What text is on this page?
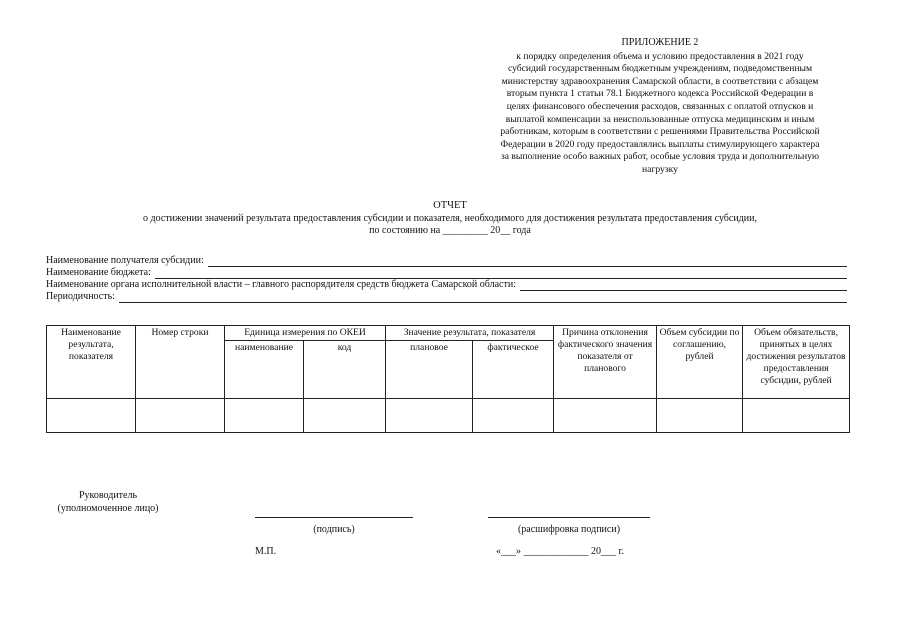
ПРИЛОЖЕНИЕ 2
к порядку определения объема и условию предоставления в 2021 году
субсидий государственным бюджетным учреждениям, подведомственным
министерству здравоохранения Самарской области, в соответствии с абзацем
вторым пункта 1 статьи 78.1 Бюджетного кодекса Российской Федерации в
целях финансового обеспечения расходов, связанных с оплатой отпусков и
выплатой компенсации за неиспользованные отпуска медицинским и иным
работникам, которым в соответствии с решениями Правительства Российской
Федерации в 2020 году предоставлялись выплаты стимулирующего характера
за выполнение особо важных работ, особые условия труда и дополнительную
нагрузку
ОТЧЕТ
о достижении значений результата предоставления субсидии и показателя, необходимого для достижения результата предоставления субсидии,
по состоянию на _________ 20__ года
Наименование получателя субсидии:
Наименование бюджета:
Наименование органа исполнительной власти – главного распорядителя средств бюджета Самарской области:
Периодичность:
Наименование результата, показателя	Номер строки	Единица измерения по ОКЕИ		Значение результата, показателя		Причина отклонения фактического значения показателя от планового	Объем субсидии по соглашению, рублей	Объем обязательств, принятых в целях достижения результатов предоставления субсидии, рублей
		наименование	код	плановое	фактическое			

Руководитель
(уполномоченное лицо)
(подпись)	(расшифровка подписи)
М.П.	«___» _____________ 20___ г.
